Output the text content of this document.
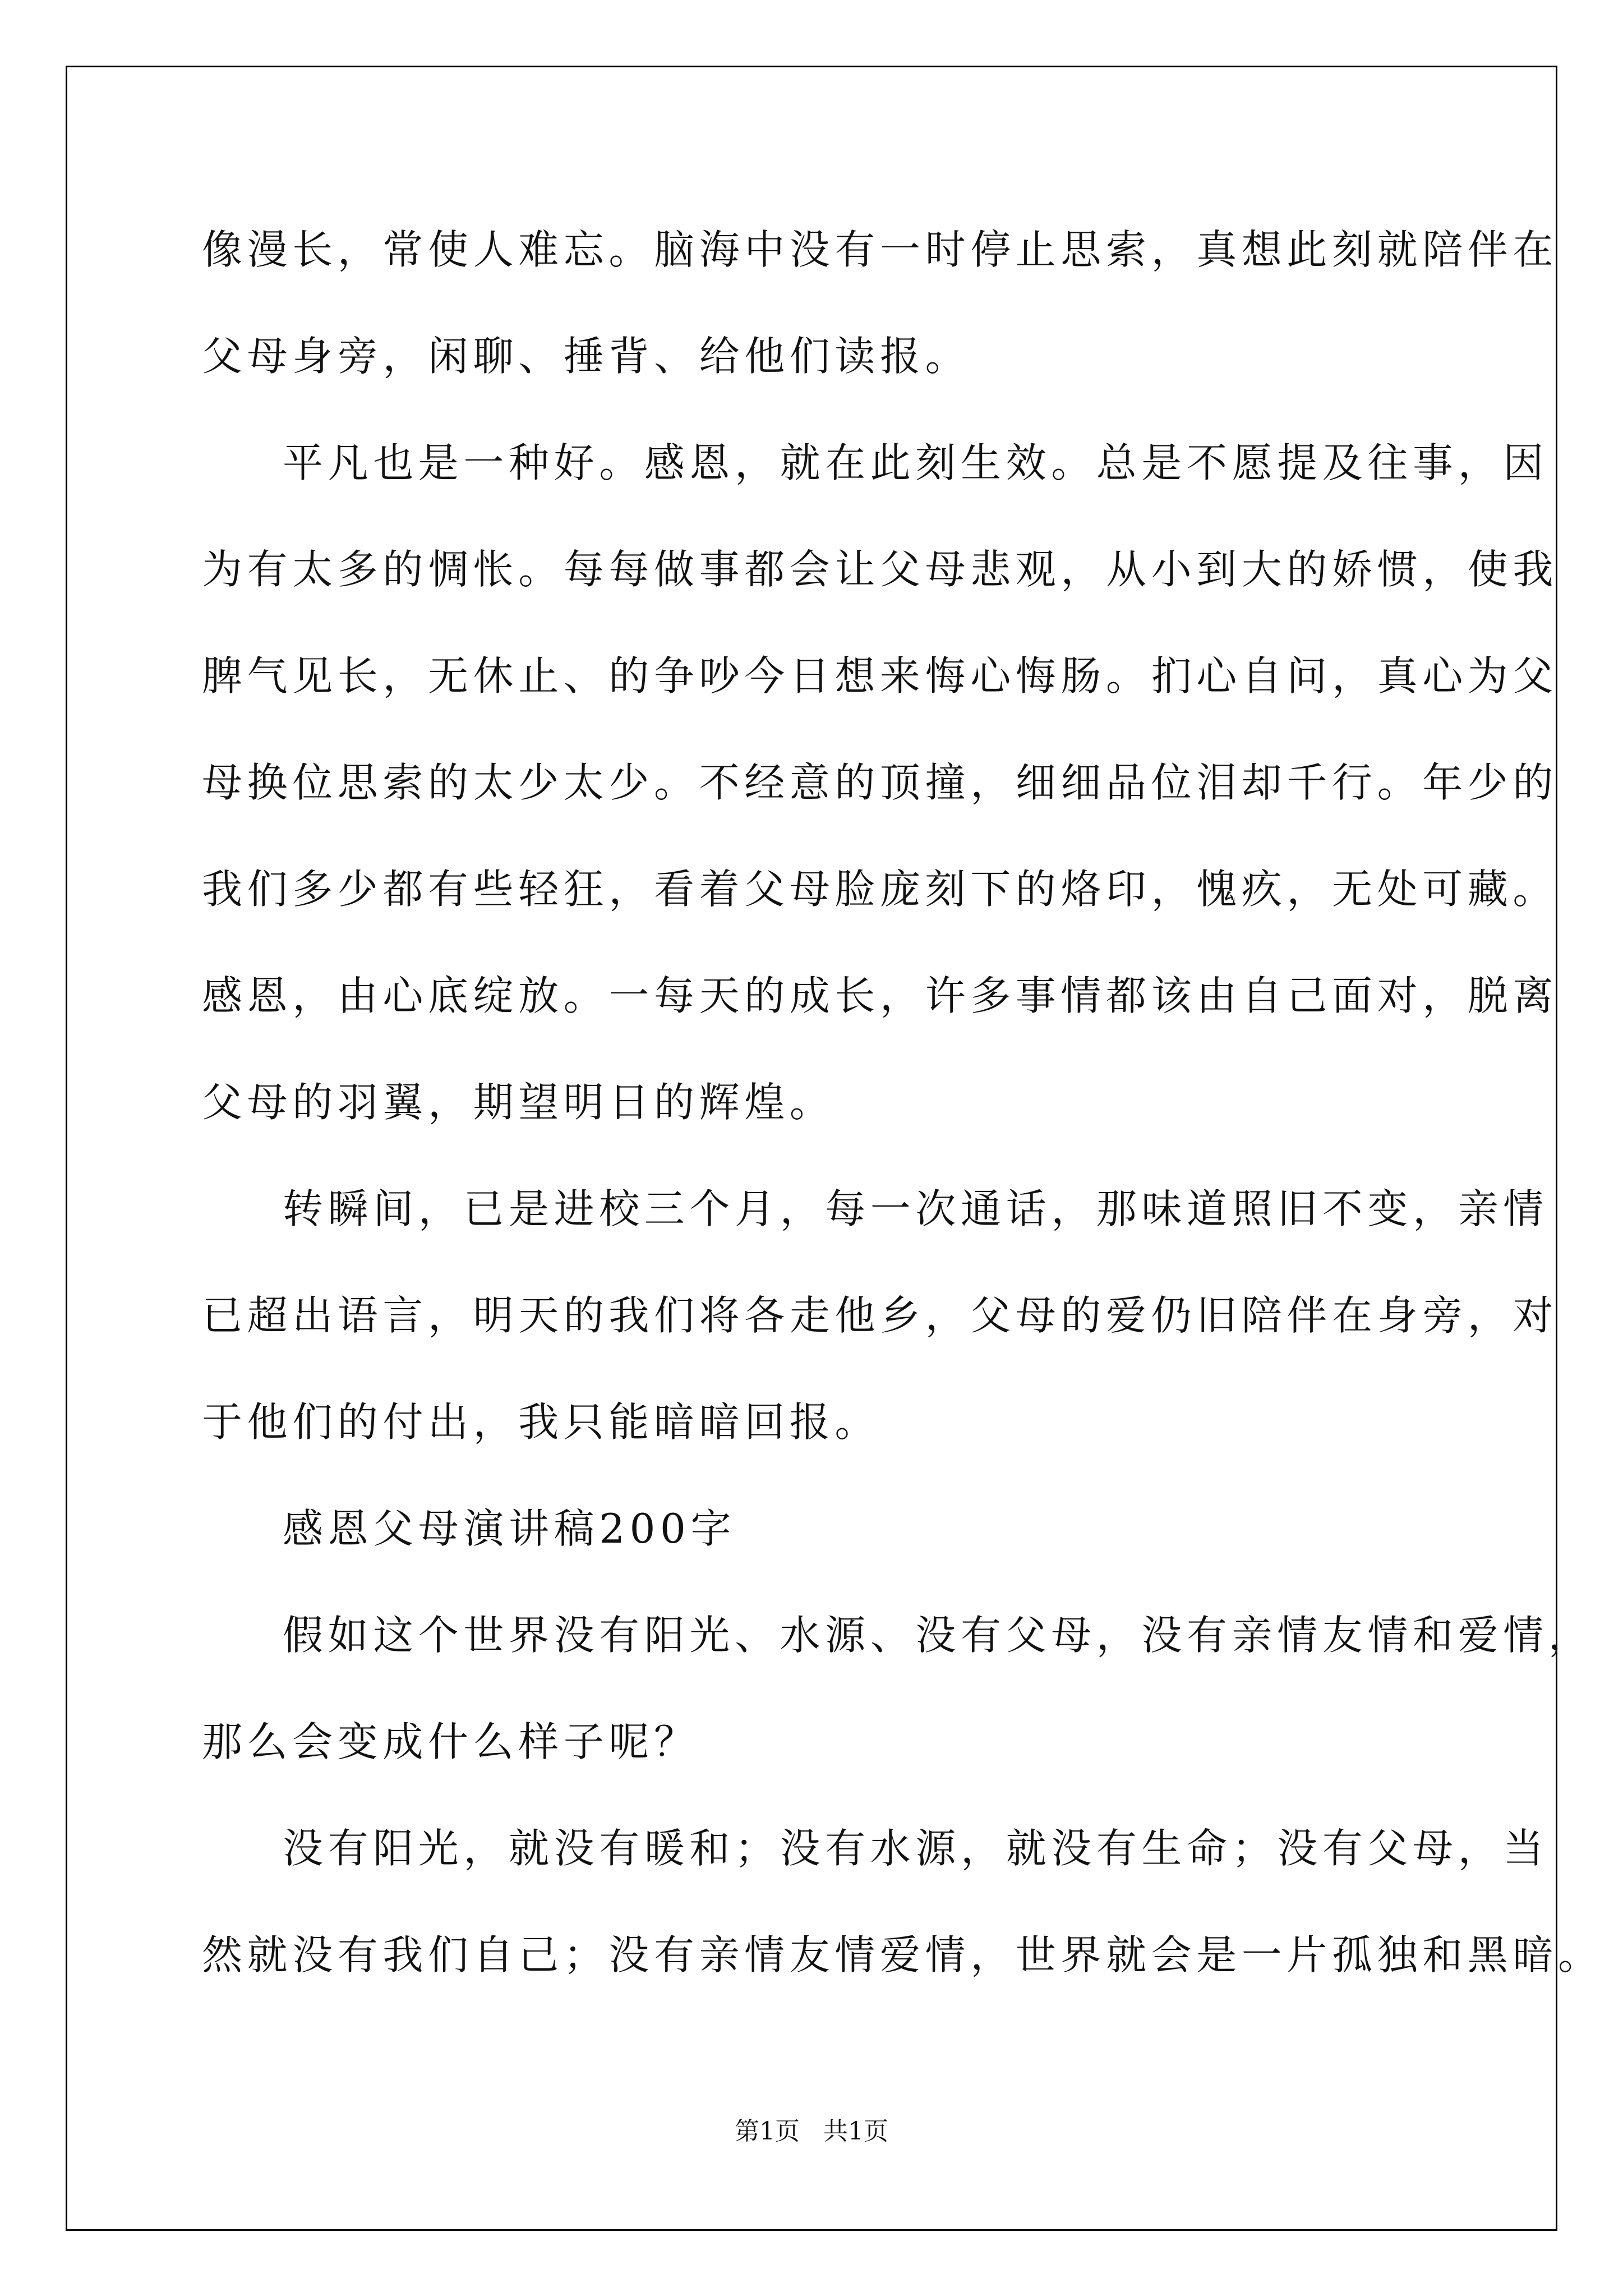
像漫长，常使人难忘。脑海中没有一时停止思索，真想此刻就陪伴在
父母身旁，闲聊、捶背、给他们读报。
平凡也是一种好。感恩，就在此刻生效。总是不愿提及往事，因
为有太多的惆怅。每每做事都会让父母悲观，从小到大的娇惯，使我
脾气见长，无休止、的争吵今日想来悔心悔肠。扪心自问，真心为父
母换位思索的太少太少。不经意的顶撞，细细品位泪却千行。年少的
我们多少都有些轻狂，看着父母脸庞刻下的烙印，愧疚，无处可藏。
感恩，由心底绽放。一每天的成长，许多事情都该由自己面对，脱离
父母的羽翼，期望明日的辉煌。
转瞬间，已是进校三个月，每一次通话，那味道照旧不变，亲情
已超出语言，明天的我们将各走他乡，父母的爱仍旧陪伴在身旁，对
于他们的付出，我只能暗暗回报。
感恩父母演讲稿200字
假如这个世界没有阳光、水源、没有父母，没有亲情友情和爱情，
那么会变成什么样子呢？
没有阳光，就没有暖和；没有水源，就没有生命；没有父母，当
然就没有我们自己；没有亲情友情爱情，世界就会是一片孤独和黑暗。
第1页   共1页
